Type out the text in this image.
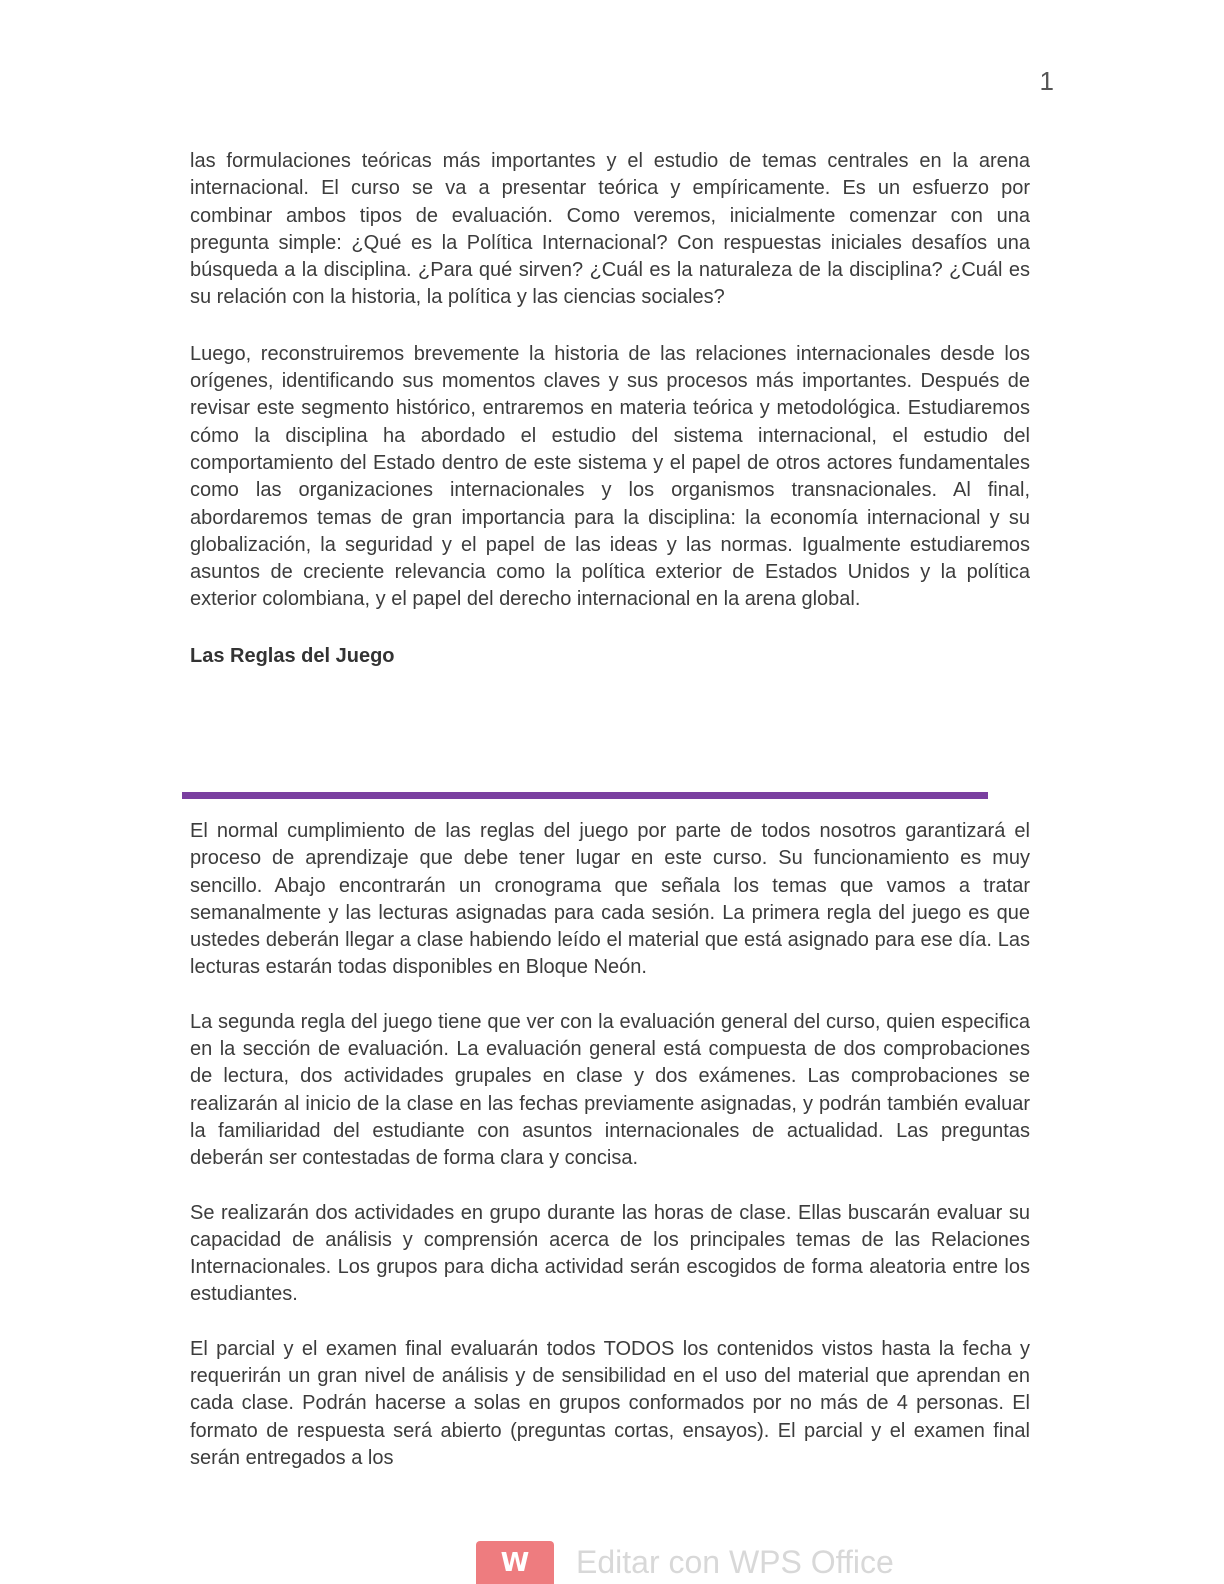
1

las formulaciones teóricas más importantes y el estudio de temas centrales en la arena internacional. El curso se va a presentar teórica y empíricamente. Es un esfuerzo por combinar ambos tipos de evaluación. Como veremos, inicialmente comenzar con una pregunta simple: ¿Qué es la Política Internacional? Con respuestas iniciales desafíos una búsqueda a la disciplina. ¿Para qué sirven? ¿Cuál es la naturaleza de la disciplina? ¿Cuál es su relación con la historia, la política y las ciencias sociales?

Luego, reconstruiremos brevemente la historia de las relaciones internacionales desde los orígenes, identificando sus momentos claves y sus procesos más importantes. Después de revisar este segmento histórico, entraremos en materia teórica y metodológica. Estudiaremos cómo la disciplina ha abordado el estudio del sistema internacional, el estudio del comportamiento del Estado dentro de este sistema y el papel de otros actores fundamentales como las organizaciones internacionales y los organismos transnacionales. Al final, abordaremos temas de gran importancia para la disciplina: la economía internacional y su globalización, la seguridad y el papel de las ideas y las normas. Igualmente estudiaremos asuntos de creciente relevancia como la política exterior de Estados Unidos y la política exterior colombiana, y el papel del derecho internacional en la arena global.

Las Reglas del Juego

El normal cumplimiento de las reglas del juego por parte de todos nosotros garantizará el proceso de aprendizaje que debe tener lugar en este curso. Su funcionamiento es muy sencillo. Abajo encontrarán un cronograma que señala los temas que vamos a tratar semanalmente y las lecturas asignadas para cada sesión. La primera regla del juego es que ustedes deberán llegar a clase habiendo leído el material que está asignado para ese día. Las lecturas estarán todas disponibles en Bloque Neón.

La segunda regla del juego tiene que ver con la evaluación general del curso, quien especifica en la sección de evaluación. La evaluación general está compuesta de dos comprobaciones de lectura, dos actividades grupales en clase y dos exámenes. Las comprobaciones se realizarán al inicio de la clase en las fechas previamente asignadas, y podrán también evaluar la familiaridad del estudiante con asuntos internacionales de actualidad. Las preguntas deberán ser contestadas de forma clara y concisa.

Se realizarán dos actividades en grupo durante las horas de clase. Ellas buscarán evaluar su capacidad de análisis y comprensión acerca de los principales temas de las Relaciones Internacionales. Los grupos para dicha actividad serán escogidos de forma aleatoria entre los estudiantes.

El parcial y el examen final evaluarán todos TODOS los contenidos vistos hasta la fecha y requerirán un gran nivel de análisis y de sensibilidad en el uso del material que aprendan en cada clase. Podrán hacerse a solas en grupos conformados por no más de 4 personas. El formato de respuesta será abierto (preguntas cortas, ensayos). El parcial y el examen final serán entregados a los

W	Editar con WPS Office
